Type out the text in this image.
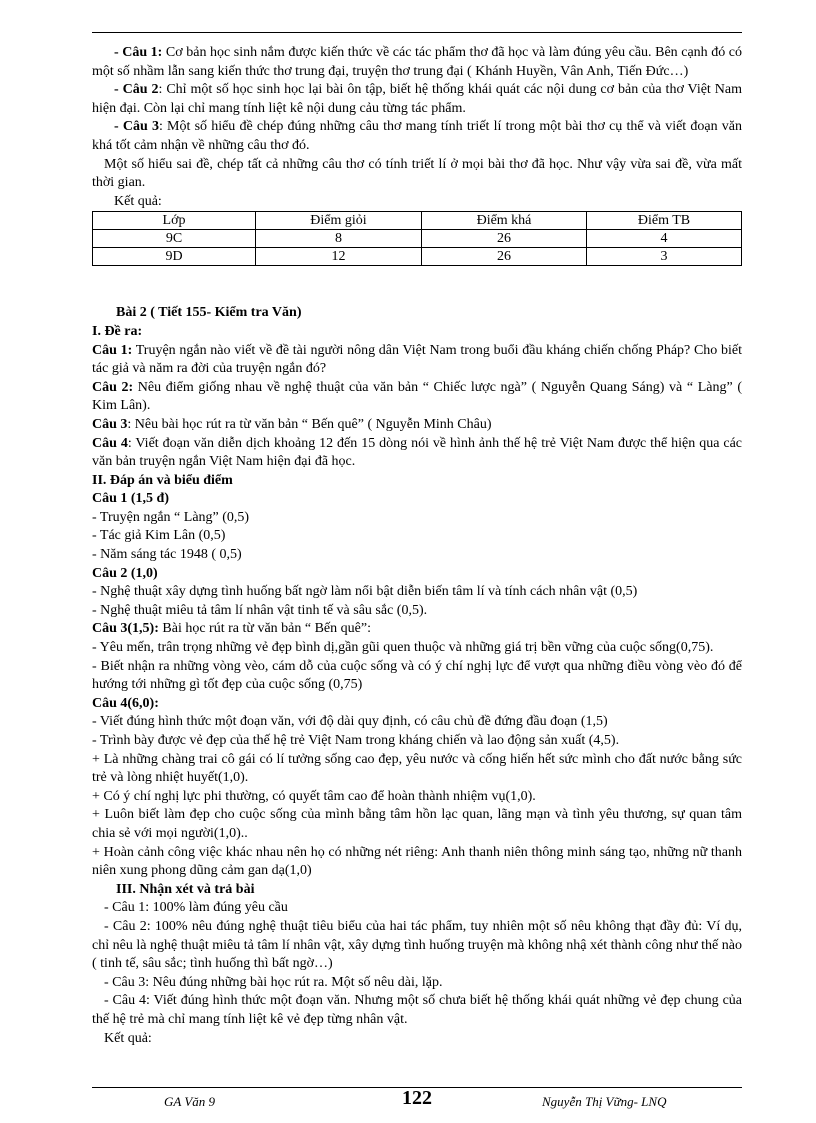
- Câu 1: Cơ bản học sinh nắm được kiến thức về các tác phẩm thơ đã học và làm đúng yêu cầu. Bên cạnh đó có một số nhầm lẫn sang kiến thức thơ trung đại, truyện thơ trung đại ( Khánh Huyền, Vân Anh, Tiến Đức…)

- Câu 2: Chỉ một số học sinh học lại bài ôn tập, biết hệ thống khái quát các nội dung cơ bản của thơ Việt Nam hiện đại. Còn lại chỉ mang tính liệt kê nội dung cảu từng tác phẩm.

- Câu 3: Một số hiểu đề chép đúng những câu thơ mang tính triết lí trong một bài thơ cụ thể và viết đoạn văn khá tốt cảm nhận về những câu thơ đó.

Một số hiểu sai đề, chép tất cả những câu thơ có tính triết lí ở mọi bài thơ đã học. Như vậy vừa sai đề, vừa mất thời gian.

Kết quả:

Lớp	Điểm giỏi	Điểm khá	Điểm TB
9C	8	26	4
9D	12	26	3

Bài 2 ( Tiết 155- Kiểm tra Văn)

I. Đề ra:

Câu 1: Truyện ngắn nào viết về đề tài người nông dân Việt Nam trong buổi đầu kháng chiến chống Pháp? Cho biết tác giả và năm ra đời của truyện ngắn đó?

Câu 2: Nêu điểm giống nhau về nghệ thuật của văn bản “ Chiếc lược ngà” ( Nguyễn Quang Sáng) và “ Làng” ( Kim Lân).

Câu 3: Nêu bài học rút ra từ văn bản “ Bến quê” ( Nguyễn Minh Châu)

Câu 4: Viết đoạn văn diễn dịch khoảng 12 đến 15 dòng nói về hình ảnh thế hệ trẻ Việt Nam được thể hiện qua các văn bản truyện ngắn Việt Nam hiện đại đã học.

II. Đáp án và biểu điểm

Câu 1 (1,5 đ)

- Truyện ngắn “ Làng” (0,5)

- Tác giả Kim Lân (0,5)

- Năm sáng tác 1948 ( 0,5)

Câu 2 (1,0)

- Nghệ thuật xây dựng tình huống bất ngờ làm nổi bật diễn biến tâm lí và tính cách nhân vật (0,5)

- Nghệ thuật miêu tả tâm lí nhân vật tinh tế và sâu sắc (0,5).

Câu 3(1,5): Bài học rút ra từ văn bản “ Bến quê”:

- Yêu mến, trân trọng những vẻ đẹp bình dị,gần gũi quen thuộc và những giá trị bền vững của cuộc sống(0,75).

- Biết nhận ra những vòng vèo, cám dỗ của cuộc sống và có ý chí nghị lực để vượt qua những điều vòng vèo đó để hướng tới những gì tốt đẹp của cuộc sống (0,75)

Câu 4(6,0):

- Viết đúng hình thức một đoạn văn, với độ dài quy định, có câu chủ đề đứng đầu đoạn (1,5)

- Trình bày được vẻ đẹp của thế hệ trẻ Việt Nam trong kháng chiến và lao động sản xuất (4,5).

+ Là những chàng trai cô gái có lí tưởng sống cao đẹp, yêu nước và cống hiến hết sức mình cho đất nước bằng sức trẻ và lòng nhiệt huyết(1,0).

+ Có ý chí nghị lực phi thường, có quyết tâm cao để hoàn thành nhiệm vụ(1,0).

+ Luôn biết làm đẹp cho cuộc sống của mình bằng tâm hồn lạc quan, lãng mạn và tình yêu thương, sự quan tâm chia sẻ với mọi người(1,0)..

+ Hoàn cảnh công việc khác nhau nên họ có những nét riêng: Anh thanh niên thông minh sáng tạo, những nữ thanh niên xung phong dũng cảm gan dạ(1,0)

III. Nhận xét và trả bài

- Câu 1: 100% làm đúng yêu cầu

- Câu 2: 100% nêu đúng nghệ thuật tiêu biểu của hai tác phẩm, tuy nhiên một số nêu không thạt đầy đủ: Ví dụ, chỉ nêu là nghệ thuật miêu tả tâm lí nhân vật, xây dựng tình huống truyện mà không nhậ xét thành công như thế nào ( tinh tế, sâu sắc; tình huống thì bất ngờ…)

- Câu 3: Nêu đúng những bài học rút ra. Một số nêu dài, lặp.

- Câu 4: Viết đúng hình thức một đoạn văn. Nhưng một số chưa biết hệ thống khái quát những vẻ đẹp chung của thế hệ trẻ mà chỉ mang tính liệt kê vẻ đẹp từng nhân vật.

Kết quả:

GA Văn 9	122	Nguyễn Thị Vững- LNQ
